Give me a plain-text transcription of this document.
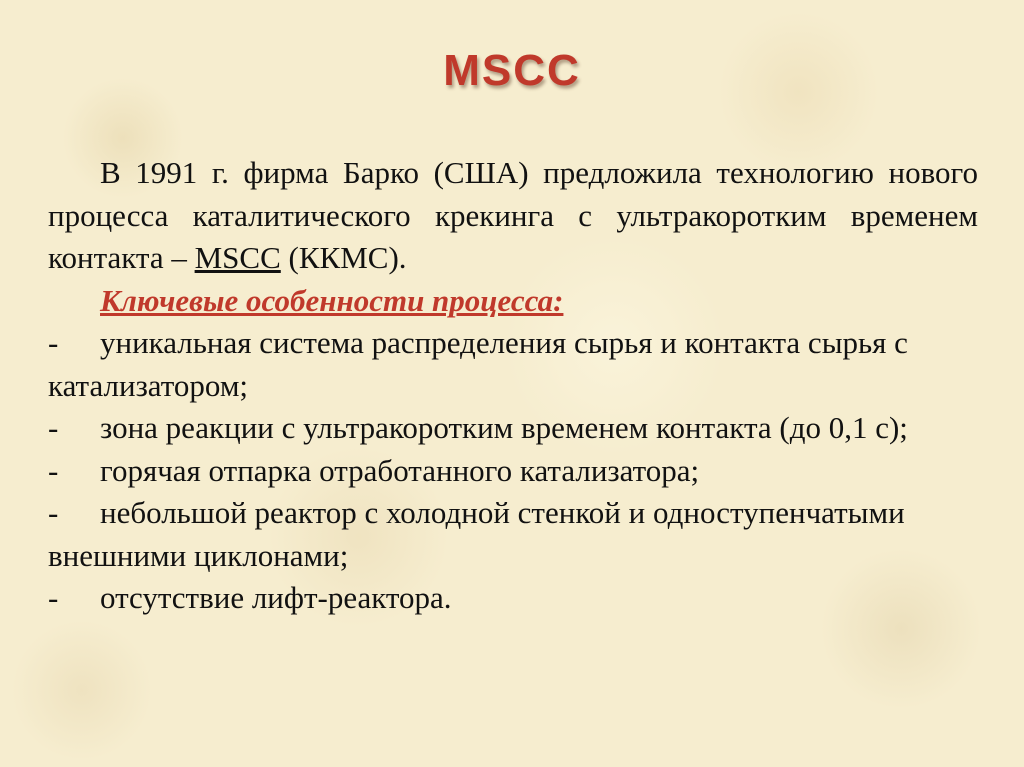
MSCC

В 1991 г. фирма Барко (США) предложила технологию нового процесса каталитического крекинга с ультракоротким временем контакта – MSCC (ККМС).

Ключевые особенности процесса:

- уникальная система распределения сырья и контакта сырья с катализатором;

- зона реакции с ультракоротким временем контакта (до 0,1 с);

- горячая отпарка отработанного катализатора;

- небольшой реактор с холодной стенкой и одноступенчатыми внешними циклонами;

- отсутствие лифт-реактора.
